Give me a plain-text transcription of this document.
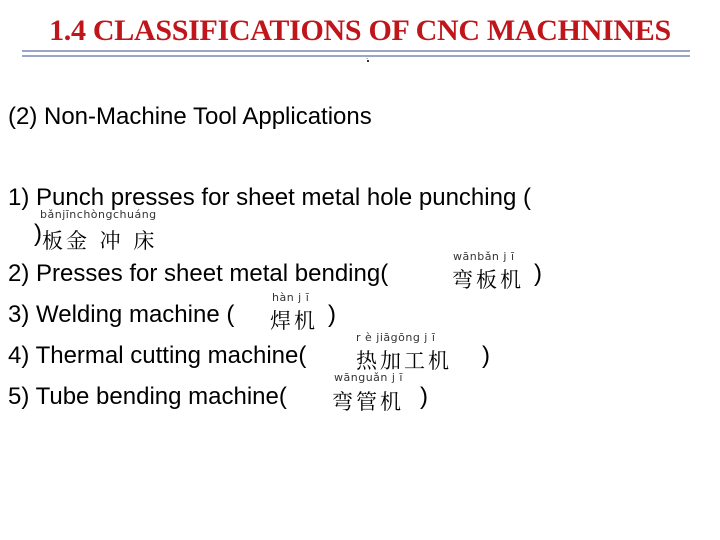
1.4 CLASSIFICATIONS OF CNC MACHNINES
(2) Non-Machine Tool Applications
1) Punch presses for sheet metal hole punching (
bǎnjīnchòngchuáng
) 板金 冲 床
2) Presses for sheet metal bending(
wānbǎn j ī
弯板机 )
3) Welding machine (
hàn j ī
焊机 )
4) Thermal cutting machine(
r è jiāgōng j ī
热加工机 )
5) Tube bending machine(
wānguǎn j ī
弯管机 )
.
